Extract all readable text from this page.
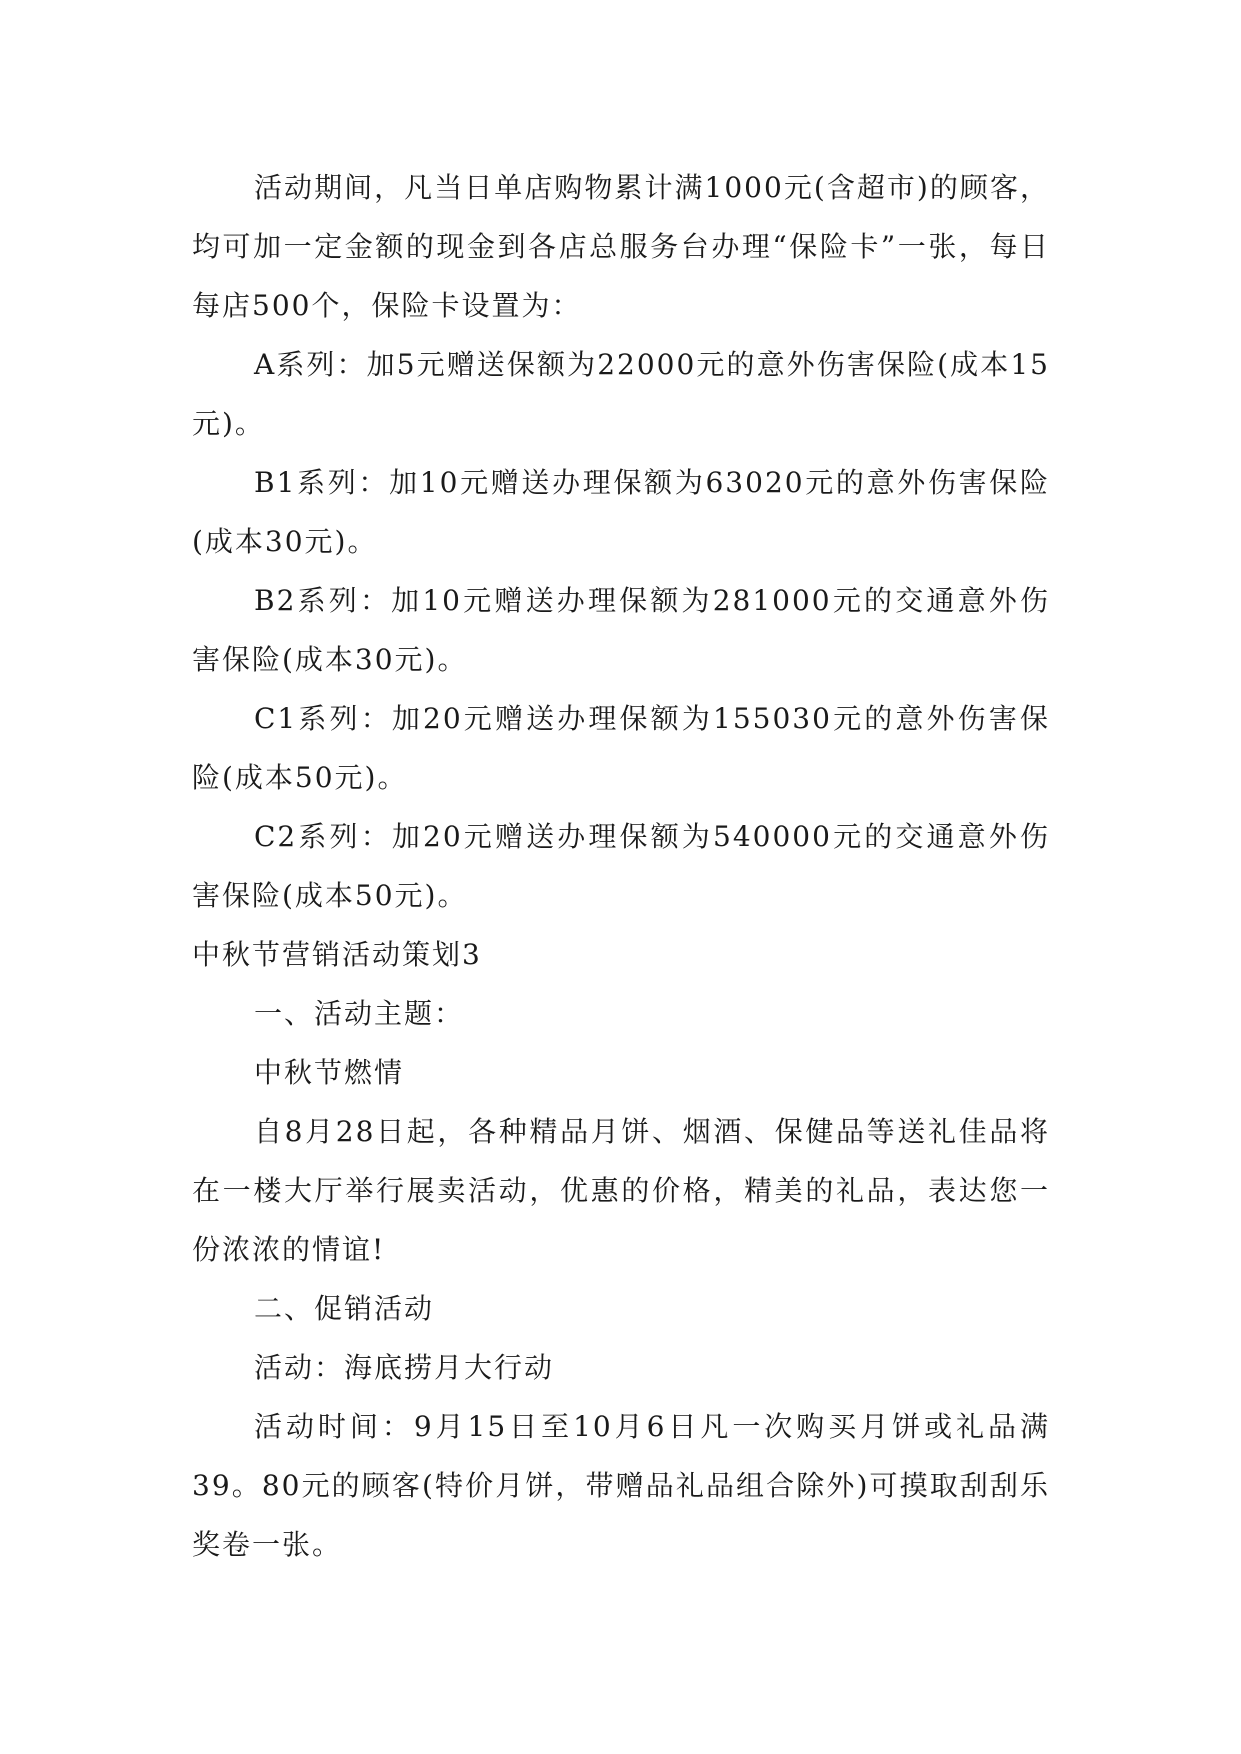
活动期间，凡当日单店购物累计满1000元(含超市)的顾客，均可加一定金额的现金到各店总服务台办理“保险卡”一张，每日每店500个，保险卡设置为：

A系列：加5元赠送保额为22000元的意外伤害保险(成本15元)。

B1系列：加10元赠送办理保额为63020元的意外伤害保险(成本30元)。

B2系列：加10元赠送办理保额为281000元的交通意外伤害保险(成本30元)。

C1系列：加20元赠送办理保额为155030元的意外伤害保险(成本50元)。

C2系列：加20元赠送办理保额为540000元的交通意外伤害保险(成本50元)。

中秋节营销活动策划3

一、活动主题：

中秋节燃情

自8月28日起，各种精品月饼、烟酒、保健品等送礼佳品将在一楼大厅举行展卖活动，优惠的价格，精美的礼品，表达您一份浓浓的情谊!

二、促销活动

活动：海底捞月大行动

活动时间：9月15日至10月6日凡一次购买月饼或礼品满39。80元的顾客(特价月饼，带赠品礼品组合除外)可摸取刮刮乐奖卷一张。
